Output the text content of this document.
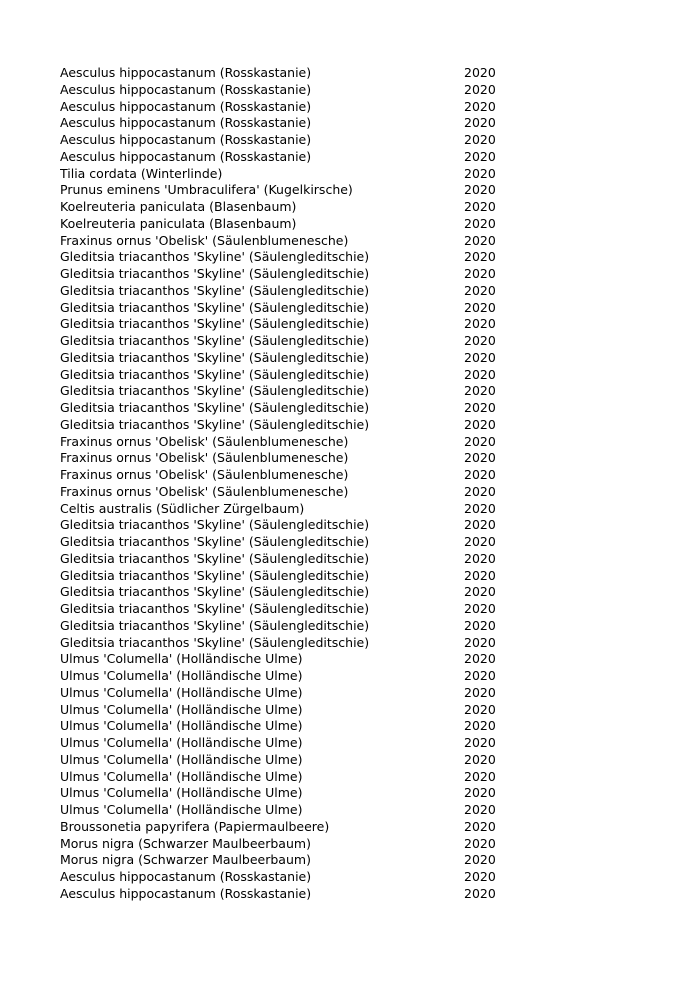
Aesculus hippocastanum (Rosskastanie)	2020
Aesculus hippocastanum (Rosskastanie)	2020
Aesculus hippocastanum (Rosskastanie)	2020
Aesculus hippocastanum (Rosskastanie)	2020
Aesculus hippocastanum (Rosskastanie)	2020
Aesculus hippocastanum (Rosskastanie)	2020
Tilia cordata (Winterlinde)	2020
Prunus eminens 'Umbraculifera' (Kugelkirsche)	2020
Koelreuteria paniculata (Blasenbaum)	2020
Koelreuteria paniculata (Blasenbaum)	2020
Fraxinus ornus 'Obelisk' (Säulenblumenesche)	2020
Gleditsia triacanthos 'Skyline' (Säulengleditschie)	2020
Gleditsia triacanthos 'Skyline' (Säulengleditschie)	2020
Gleditsia triacanthos 'Skyline' (Säulengleditschie)	2020
Gleditsia triacanthos 'Skyline' (Säulengleditschie)	2020
Gleditsia triacanthos 'Skyline' (Säulengleditschie)	2020
Gleditsia triacanthos 'Skyline' (Säulengleditschie)	2020
Gleditsia triacanthos 'Skyline' (Säulengleditschie)	2020
Gleditsia triacanthos 'Skyline' (Säulengleditschie)	2020
Gleditsia triacanthos 'Skyline' (Säulengleditschie)	2020
Gleditsia triacanthos 'Skyline' (Säulengleditschie)	2020
Gleditsia triacanthos 'Skyline' (Säulengleditschie)	2020
Fraxinus ornus 'Obelisk' (Säulenblumenesche)	2020
Fraxinus ornus 'Obelisk' (Säulenblumenesche)	2020
Fraxinus ornus 'Obelisk' (Säulenblumenesche)	2020
Fraxinus ornus 'Obelisk' (Säulenblumenesche)	2020
Celtis australis (Südlicher Zürgelbaum)	2020
Gleditsia triacanthos 'Skyline' (Säulengleditschie)	2020
Gleditsia triacanthos 'Skyline' (Säulengleditschie)	2020
Gleditsia triacanthos 'Skyline' (Säulengleditschie)	2020
Gleditsia triacanthos 'Skyline' (Säulengleditschie)	2020
Gleditsia triacanthos 'Skyline' (Säulengleditschie)	2020
Gleditsia triacanthos 'Skyline' (Säulengleditschie)	2020
Gleditsia triacanthos 'Skyline' (Säulengleditschie)	2020
Gleditsia triacanthos 'Skyline' (Säulengleditschie)	2020
Ulmus 'Columella' (Holländische Ulme)	2020
Ulmus 'Columella' (Holländische Ulme)	2020
Ulmus 'Columella' (Holländische Ulme)	2020
Ulmus 'Columella' (Holländische Ulme)	2020
Ulmus 'Columella' (Holländische Ulme)	2020
Ulmus 'Columella' (Holländische Ulme)	2020
Ulmus 'Columella' (Holländische Ulme)	2020
Ulmus 'Columella' (Holländische Ulme)	2020
Ulmus 'Columella' (Holländische Ulme)	2020
Ulmus 'Columella' (Holländische Ulme)	2020
Broussonetia papyrifera (Papiermaulbeere)	2020
Morus nigra (Schwarzer Maulbeerbaum)	2020
Morus nigra (Schwarzer Maulbeerbaum)	2020
Aesculus hippocastanum (Rosskastanie)	2020
Aesculus hippocastanum (Rosskastanie)	2020
